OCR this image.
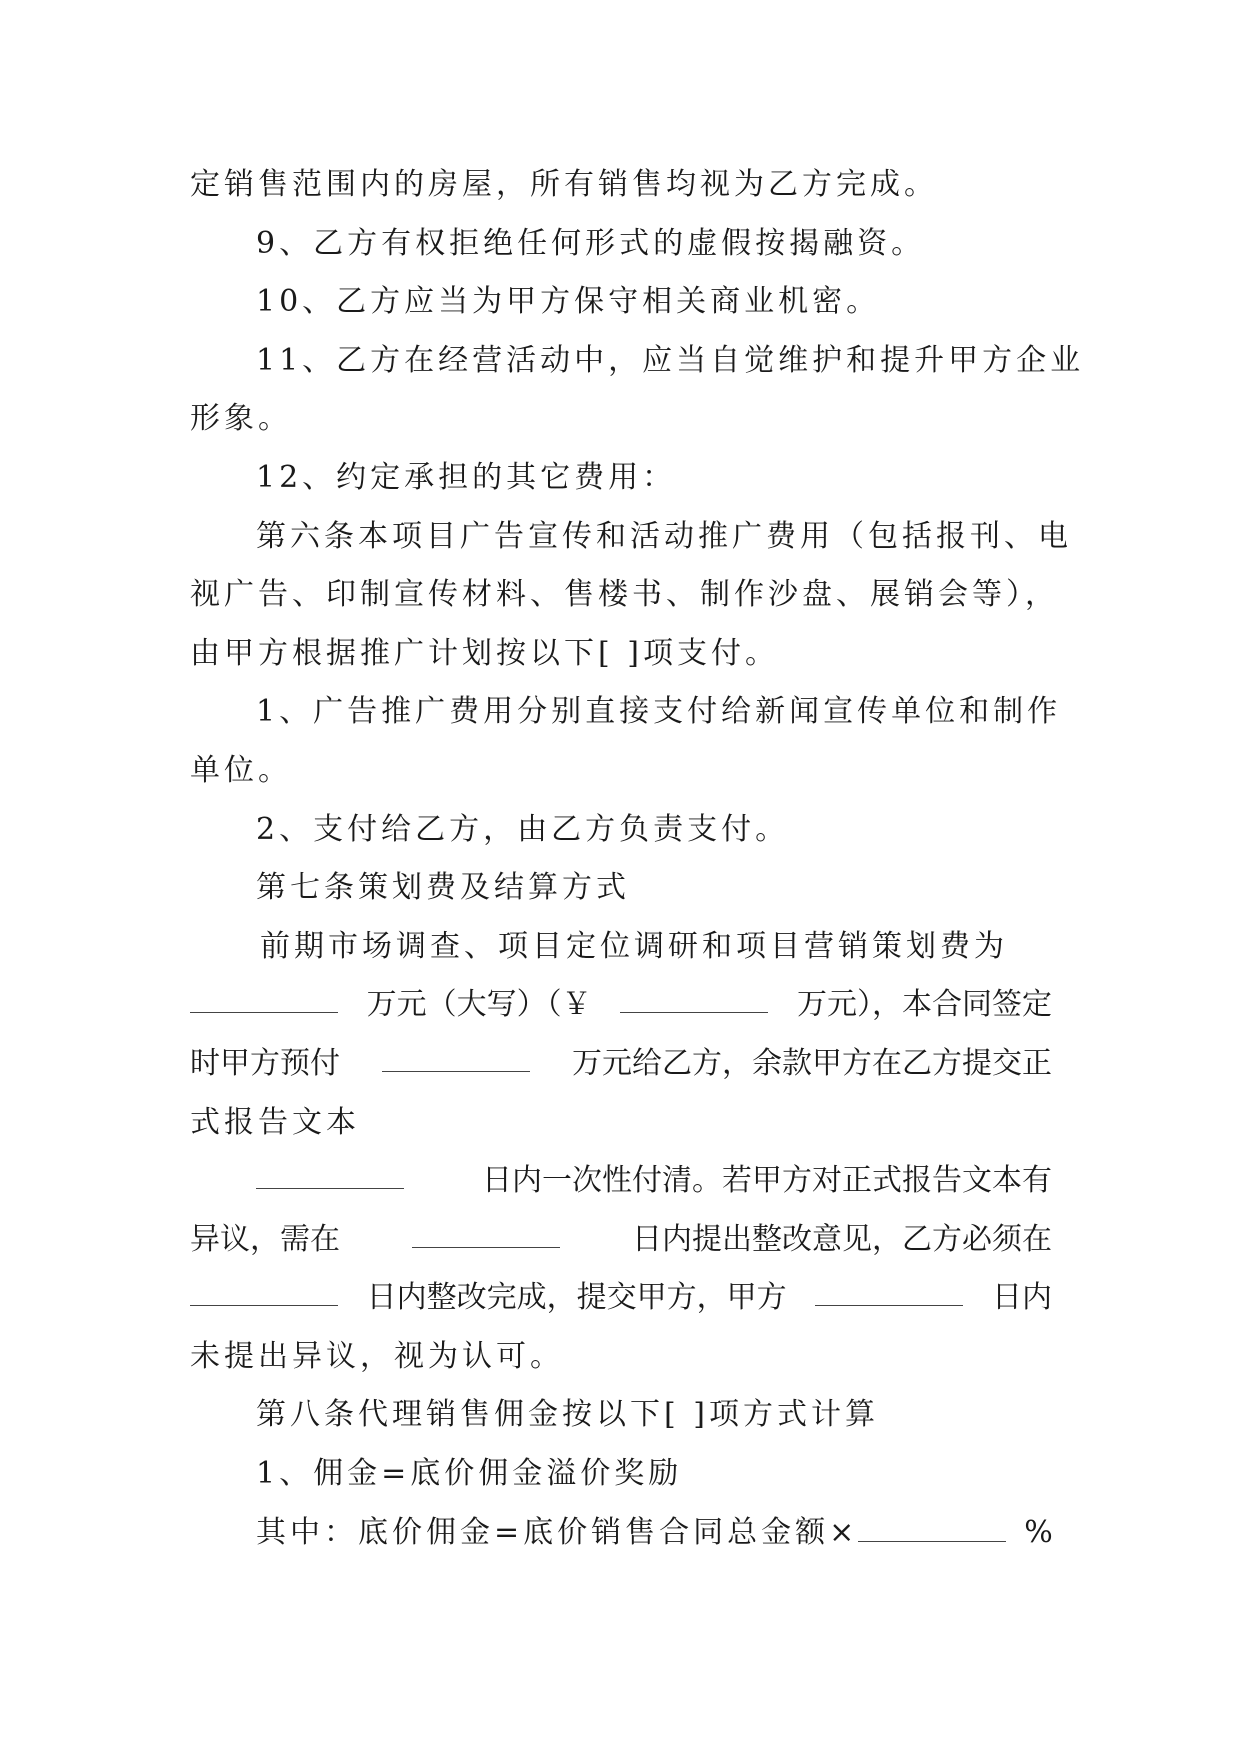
定销售范围内的房屋，所有销售均视为乙方完成。
9、乙方有权拒绝任何形式的虚假按揭融资。
10、乙方应当为甲方保守相关商业机密。
11、乙方在经营活动中，应当自觉维护和提升甲方企业
形象。
12、约定承担的其它费用：
第六条本项目广告宣传和活动推广费用（包括报刊、电
视广告、印制宣传材料、售楼书、制作沙盘、展销会等），
由甲方根据推广计划按以下[ ]项支付。
1、广告推广费用分别直接支付给新闻宣传单位和制作
单位。
2、支付给乙方，由乙方负责支付。
第七条策划费及结算方式
前期市场调查、项目定位调研和项目营销策划费为
万元（大写）（￥	万元），本合同签定
时甲方预付	万元给乙方，余款甲方在乙方提交正
式报告文本
日内一次性付清。若甲方对正式报告文本有
异议，需在	日内提出整改意见，乙方必须在
日内整改完成，提交甲方，甲方	日内
未提出异议，视为认可。
第八条代理销售佣金按以下[ ]项方式计算
1、佣金=底价佣金溢价奖励
其中：底价佣金=底价销售合同总金额×	%
